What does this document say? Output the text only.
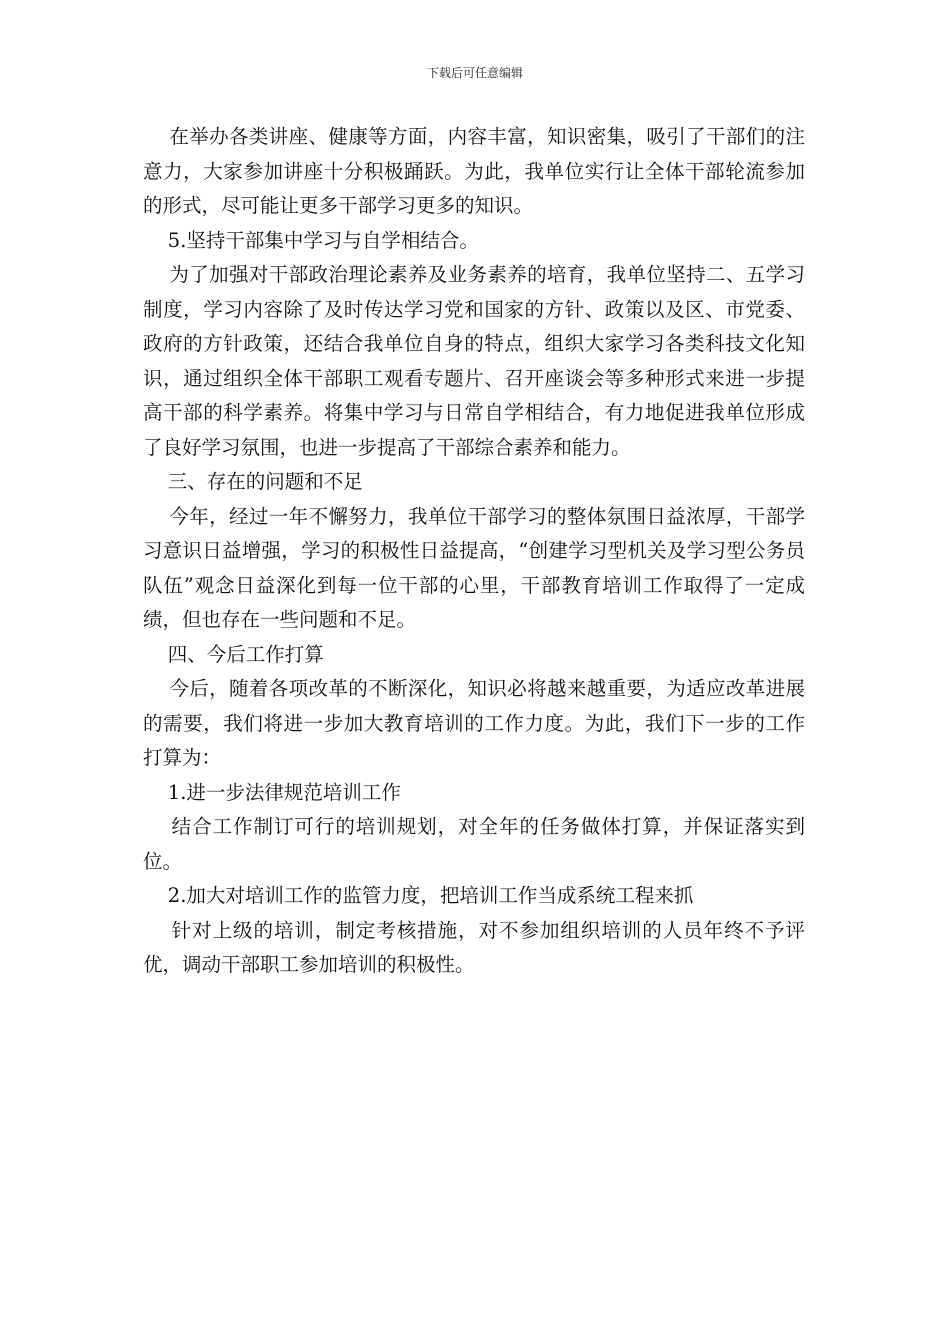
下载后可任意编辑

在举办各类讲座、健康等方面，内容丰富，知识密集，吸引了干部们的注意力，大家参加讲座十分积极踊跃。为此，我单位实行让全体干部轮流参加的形式，尽可能让更多干部学习更多的知识。

5.坚持干部集中学习与自学相结合。

为了加强对干部政治理论素养及业务素养的培育，我单位坚持二、五学习制度，学习内容除了及时传达学习党和国家的方针、政策以及区、市党委、政府的方针政策，还结合我单位自身的特点，组织大家学习各类科技文化知识，通过组织全体干部职工观看专题片、召开座谈会等多种形式来进一步提高干部的科学素养。将集中学习与日常自学相结合，有力地促进我单位形成了良好学习氛围，也进一步提高了干部综合素养和能力。

三、存在的问题和不足

今年，经过一年不懈努力，我单位干部学习的整体氛围日益浓厚，干部学习意识日益增强，学习的积极性日益提高，“创建学习型机关及学习型公务员队伍”观念日益深化到每一位干部的心里，干部教育培训工作取得了一定成绩，但也存在一些问题和不足。

四、今后工作打算

今后，随着各项改革的不断深化，知识必将越来越重要，为适应改革进展的需要，我们将进一步加大教育培训的工作力度。为此，我们下一步的工作打算为：

1.进一步法律规范培训工作

结合工作制订可行的培训规划，对全年的任务做体打算，并保证落实到位。

2.加大对培训工作的监管力度，把培训工作当成系统工程来抓

针对上级的培训，制定考核措施，对不参加组织培训的人员年终不予评优，调动干部职工参加培训的积极性。
